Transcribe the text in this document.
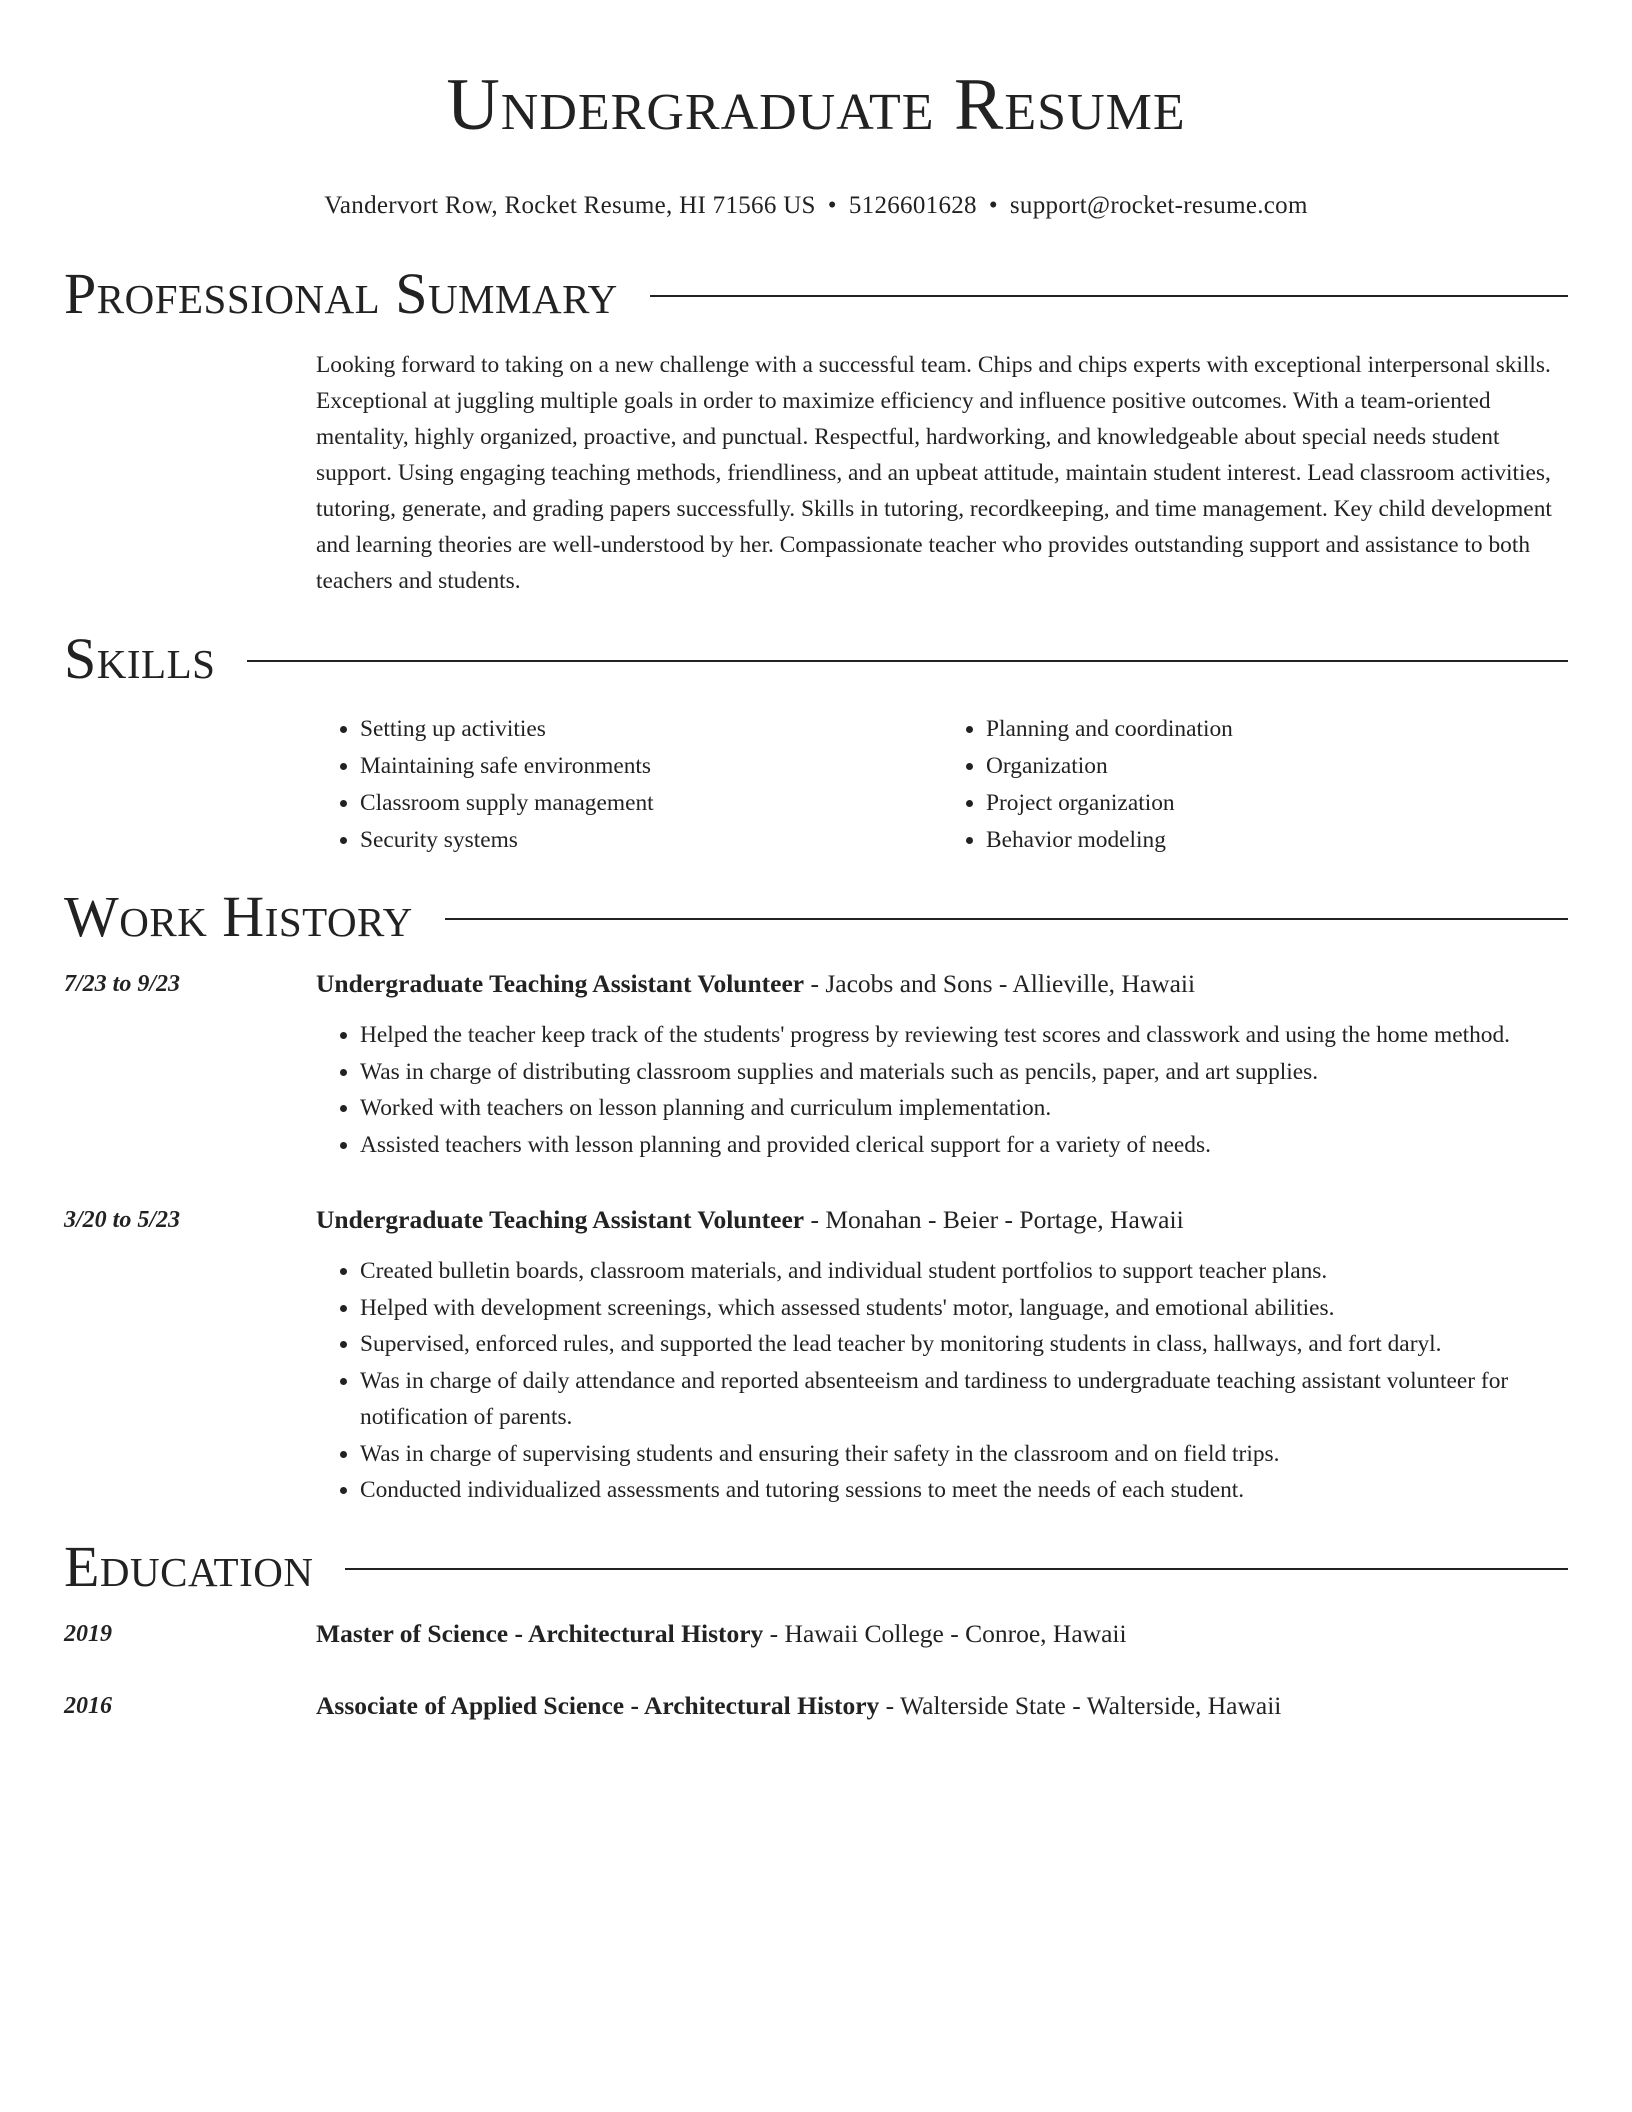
Undergraduate Resume
Vandervort Row, Rocket Resume, HI 71566 US • 5126601628 • support@rocket-resume.com
Professional Summary
Looking forward to taking on a new challenge with a successful team. Chips and chips experts with exceptional interpersonal skills. Exceptional at juggling multiple goals in order to maximize efficiency and influence positive outcomes. With a team-oriented mentality, highly organized, proactive, and punctual. Respectful, hardworking, and knowledgeable about special needs student support. Using engaging teaching methods, friendliness, and an upbeat attitude, maintain student interest. Lead classroom activities, tutoring, generate, and grading papers successfully. Skills in tutoring, recordkeeping, and time management. Key child development and learning theories are well-understood by her. Compassionate teacher who provides outstanding support and assistance to both teachers and students.
Skills
• Setting up activities
• Maintaining safe environments
• Classroom supply management
• Security systems
• Planning and coordination
• Organization
• Project organization
• Behavior modeling
Work History
7/23 to 9/23	Undergraduate Teaching Assistant Volunteer - Jacobs and Sons - Allieville, Hawaii
• Helped the teacher keep track of the students' progress by reviewing test scores and classwork and using the home method.
• Was in charge of distributing classroom supplies and materials such as pencils, paper, and art supplies.
• Worked with teachers on lesson planning and curriculum implementation.
• Assisted teachers with lesson planning and provided clerical support for a variety of needs.
3/20 to 5/23	Undergraduate Teaching Assistant Volunteer - Monahan - Beier - Portage, Hawaii
• Created bulletin boards, classroom materials, and individual student portfolios to support teacher plans.
• Helped with development screenings, which assessed students' motor, language, and emotional abilities.
• Supervised, enforced rules, and supported the lead teacher by monitoring students in class, hallways, and fort daryl.
• Was in charge of daily attendance and reported absenteeism and tardiness to undergraduate teaching assistant volunteer for notification of parents.
• Was in charge of supervising students and ensuring their safety in the classroom and on field trips.
• Conducted individualized assessments and tutoring sessions to meet the needs of each student.
Education
2019	Master of Science - Architectural History - Hawaii College - Conroe, Hawaii
2016	Associate of Applied Science - Architectural History - Walterside State - Walterside, Hawaii
